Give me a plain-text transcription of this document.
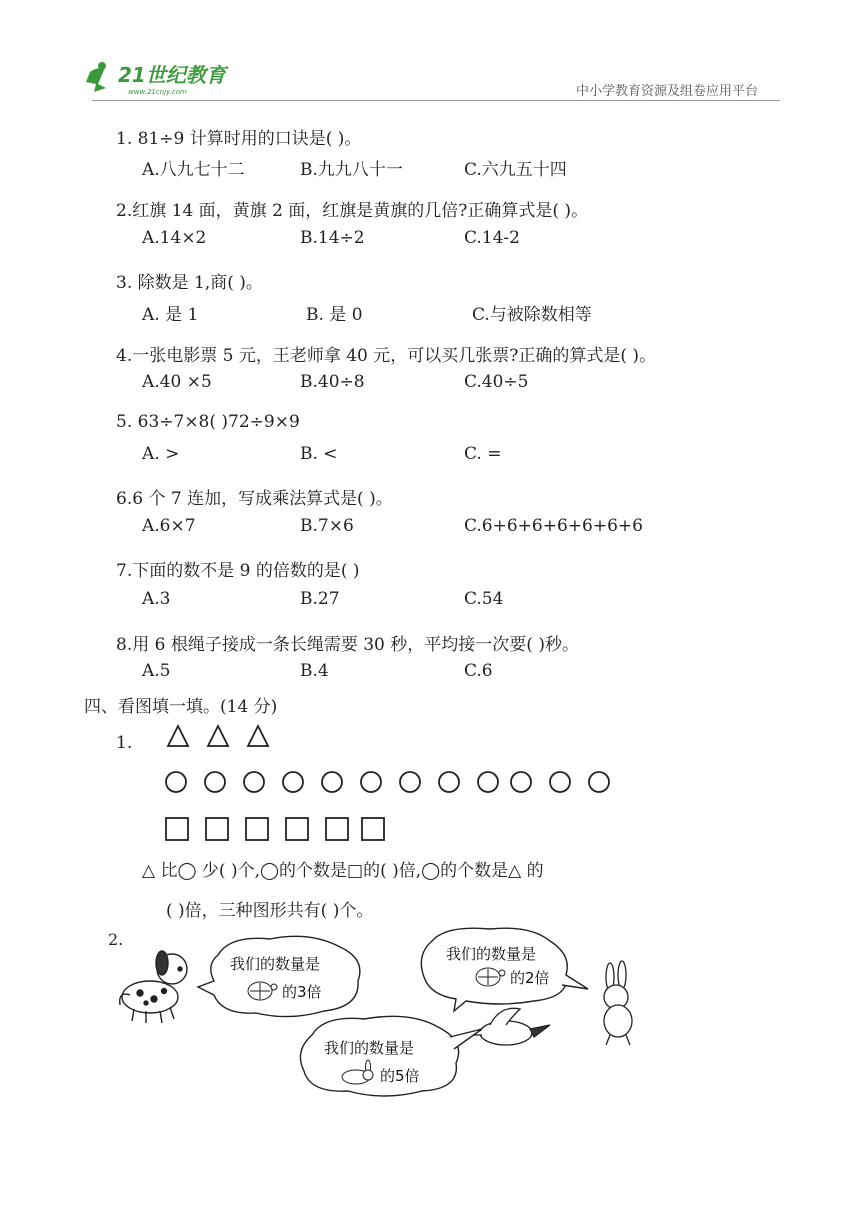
21世纪教育
www.21cnjy.com	中小学教育资源及组卷应用平台
1. 81÷9 计算时用的口诀是( )。
A.八九七十二	B.九九八十一	C.六九五十四
2.红旗 14 面，黄旗 2 面，红旗是黄旗的几倍?正确算式是( )。
A.14×2	B.14÷2	C.14-2
3. 除数是 1,商( )。
A. 是 1	B. 是 0	C.与被除数相等
4.一张电影票 5 元，王老师拿 40 元，可以买几张票?正确的算式是( )。
A.40 ×5	B.40÷8	C.40÷5
5. 63÷7×8( )72÷9×9
A. >	B. <	C. =
6.6 个 7 连加，写成乘法算式是( )。
A.6×7	B.7×6	C.6+6+6+6+6+6+6
7.下面的数不是 9 的倍数的是( )
A.3	B.27	C.54
8.用 6 根绳子接成一条长绳需要 30 秒，平均接一次要( )秒。
A.5	B.4	C.6
四、看图填一填。(14 分)
1.
△ 比◯ 少( )个,◯的个数是□的( )倍,◯的个数是△ 的
( )倍，三种图形共有( )个。
2.
我们的数量是
的3倍
我们的数量是
的2倍
我们的数量是
的5倍
